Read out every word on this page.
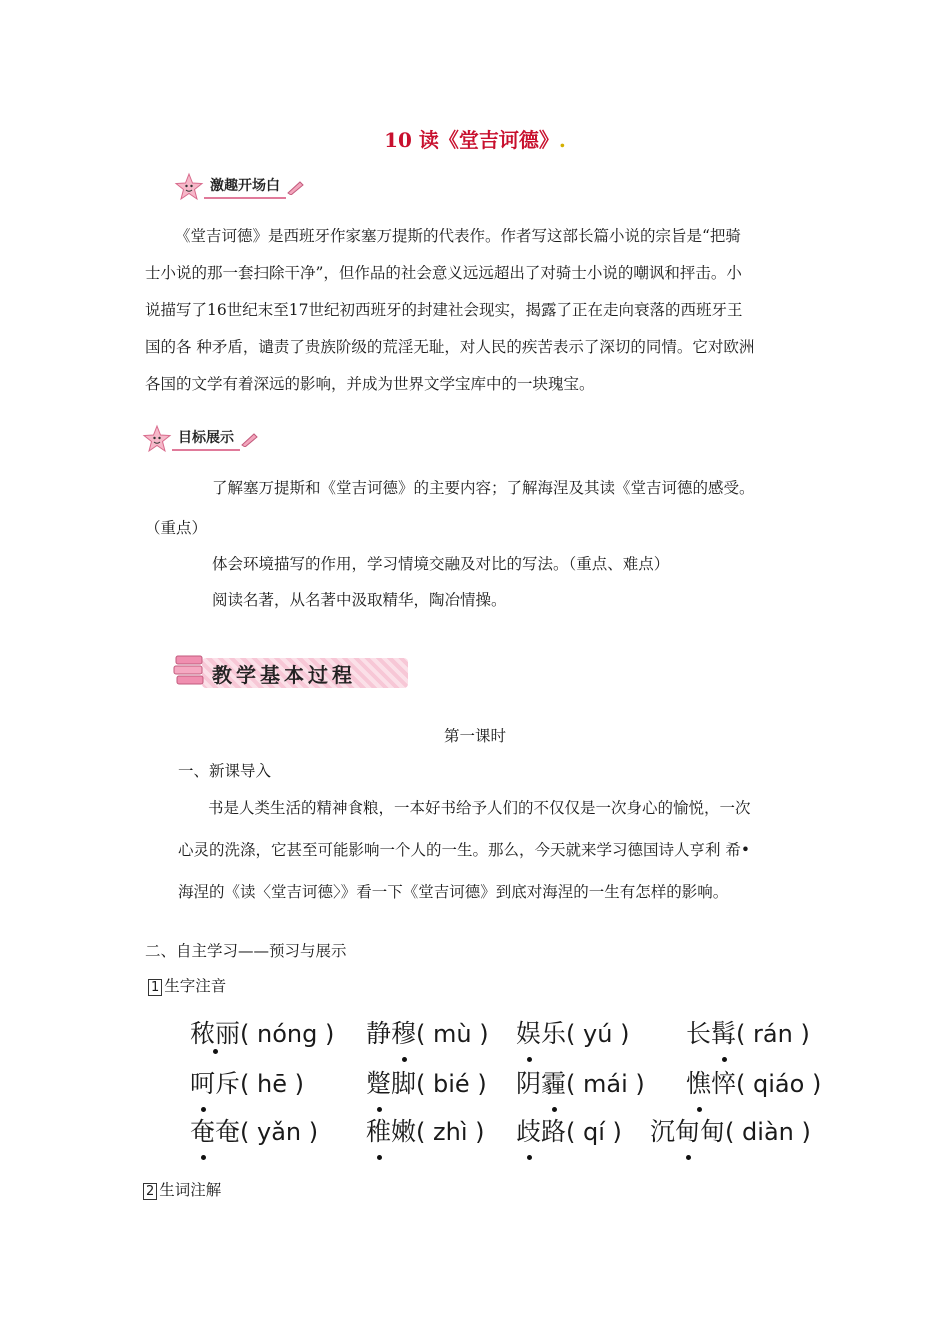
10 读《堂吉诃德》.
激趣开场白
《堂吉诃德》是西班牙作家塞万提斯的代表作。作者写这部长篇小说的宗旨是“把骑
士小说的那一套扫除干净”，但作品的社会意义远远超出了对骑士小说的嘲讽和抨击。小
说描写了16世纪末至17世纪初西班牙的封建社会现实，揭露了正在走向衰落的西班牙王
国的各 种矛盾，谴责了贵族阶级的荒淫无耻，对人民的疾苦表示了深切的同情。它对欧洲
各国的文学有着深远的影响，并成为世界文学宝库中的一块瑰宝。
目标展示
了解塞万提斯和《堂吉诃德》的主要内容；了解海涅及其读《堂吉诃德的感受。
（重点）
体会环境描写的作用，学习情境交融及对比的写法。（重点、难点）
阅读名著，从名著中汲取精华，陶冶情操。
教学基本过程
第一课时
一、新课导入
书是人类生活的精神食粮，一本好书给予人们的不仅仅是一次身心的愉悦，一次
心灵的洗涤，它甚至可能影响一个人的一生。那么，今天就来学习德国诗人亨利 希•
海涅的《读〈堂吉诃德〉》看一下《堂吉诃德》到底对海涅的一生有怎样的影响。
二、自主学习——预习与展示
1 生字注音
秾丽( nóng ) 静穆( mù ) 娱乐( yú ) 长髯( rán )
呵斥( hē ) 蹩脚( bié ) 阴霾( mái ) 憔悴( qiáo )
奄奄( yǎn ) 稚嫩( zhì ) 歧路( qí ) 沉甸甸( diàn )
2 生词注解
